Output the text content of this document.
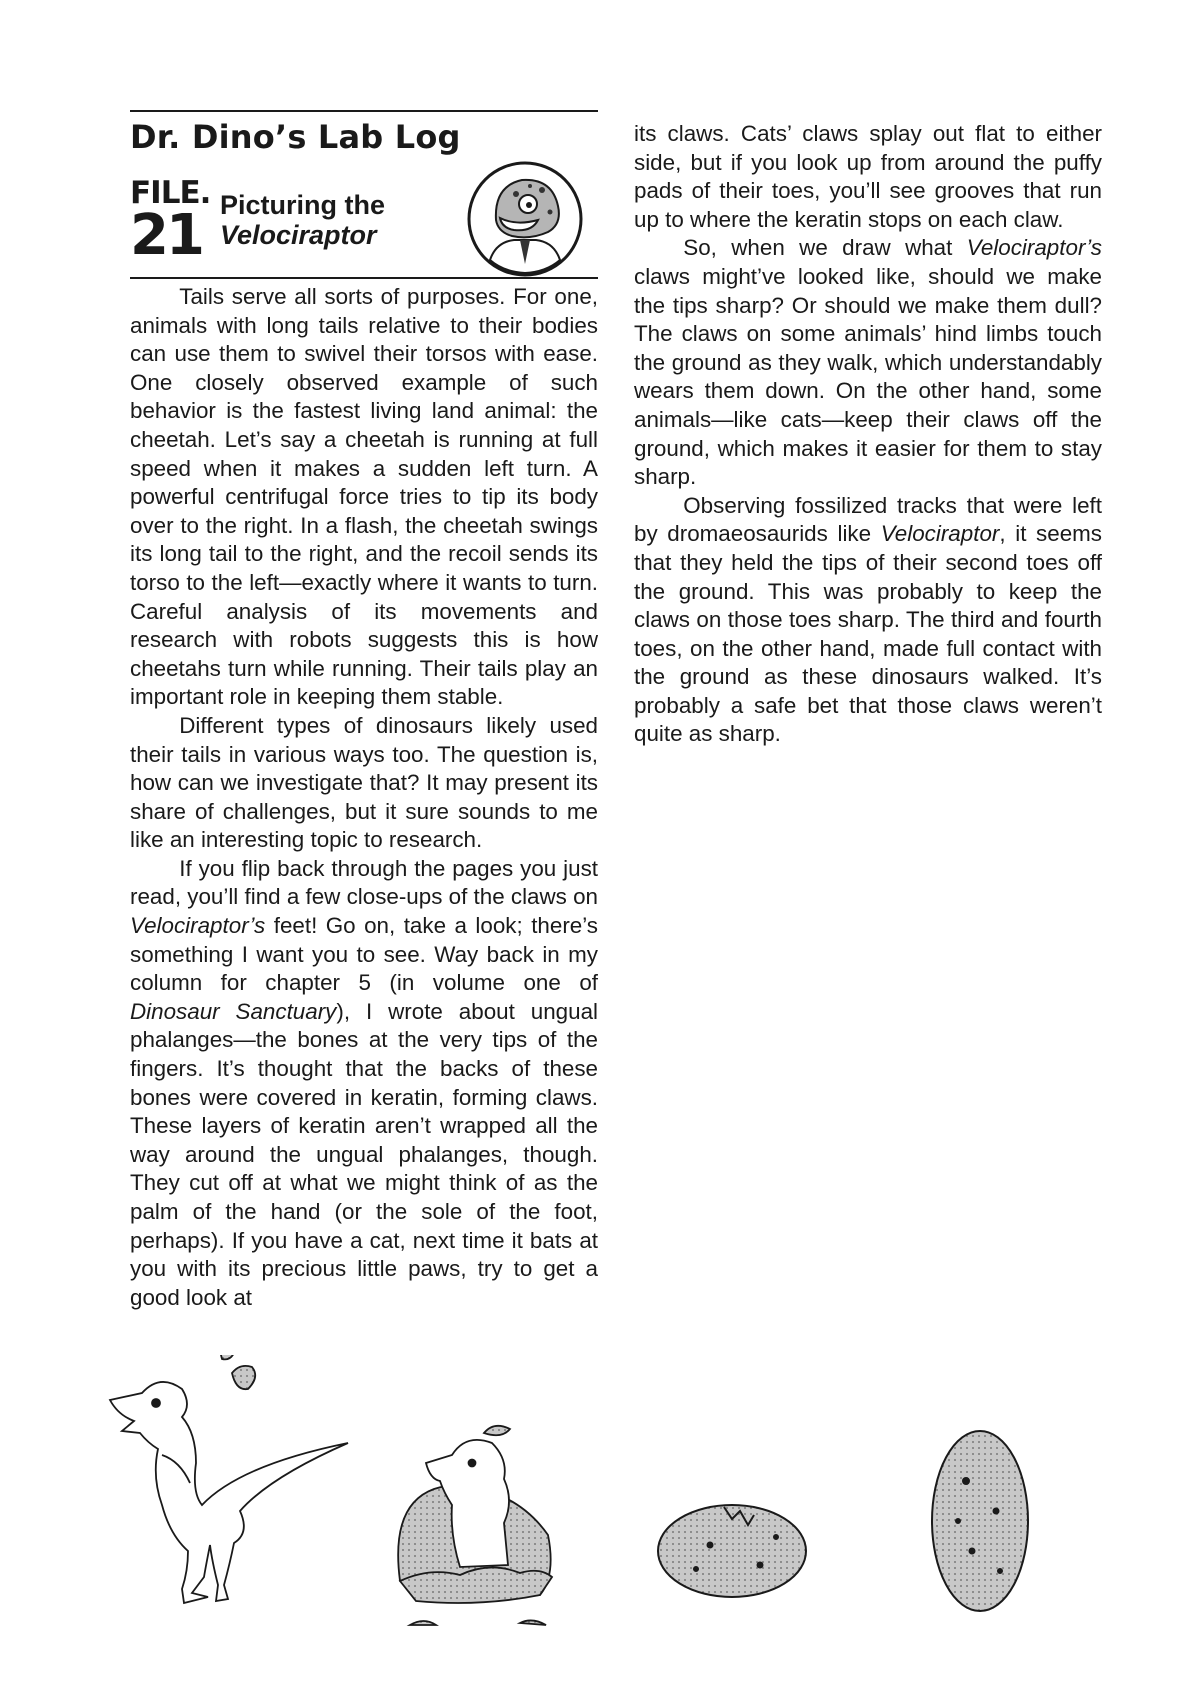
Dr. Dino’s Lab Log
FILE.
21 Picturing the
Velociraptor

Tails serve all sorts of purposes. For one, animals with long tails relative to their bodies can use them to swivel their torsos with ease. One closely observed example of such behavior is the fastest living land animal: the cheetah. Let’s say a cheetah is running at full speed when it makes a sudden left turn. A powerful centrifugal force tries to tip its body over to the right. In a flash, the cheetah swings its long tail to the right, and the recoil sends its torso to the left—exactly where it wants to turn. Careful analysis of its movements and research with robots suggests this is how cheetahs turn while running. Their tails play an important role in keeping them stable.

Different types of dinosaurs likely used their tails in various ways too. The question is, how can we investigate that? It may present its share of challenges, but it sure sounds to me like an interesting topic to research.

If you flip back through the pages you just read, you’ll find a few close-ups of the claws on Velociraptor’s feet! Go on, take a look; there’s something I want you to see. Way back in my column for chapter 5 (in volume one of Dinosaur Sanctuary), I wrote about ungual phalanges—the bones at the very tips of the fingers. It’s thought that the backs of these bones were covered in keratin, forming claws. These layers of keratin aren’t wrapped all the way around the ungual phalanges, though. They cut off at what we might think of as the palm of the hand (or the sole of the foot, perhaps). If you have a cat, next time it bats at you with its precious little paws, try to get a good look at

its claws. Cats’ claws splay out flat to either side, but if you look up from around the puffy pads of their toes, you’ll see grooves that run up to where the keratin stops on each claw.

So, when we draw what Velociraptor’s claws might’ve looked like, should we make the tips sharp? Or should we make them dull? The claws on some animals’ hind limbs touch the ground as they walk, which understandably wears them down. On the other hand, some animals—like cats—keep their claws off the ground, which makes it easier for them to stay sharp.

Observing fossilized tracks that were left by dromaeosaurids like Velociraptor, it seems that they held the tips of their second toes off the ground. This was probably to keep the claws on those toes sharp. The third and fourth toes, on the other hand, made full contact with the ground as these dinosaurs walked. It’s probably a safe bet that those claws weren’t quite as sharp.
